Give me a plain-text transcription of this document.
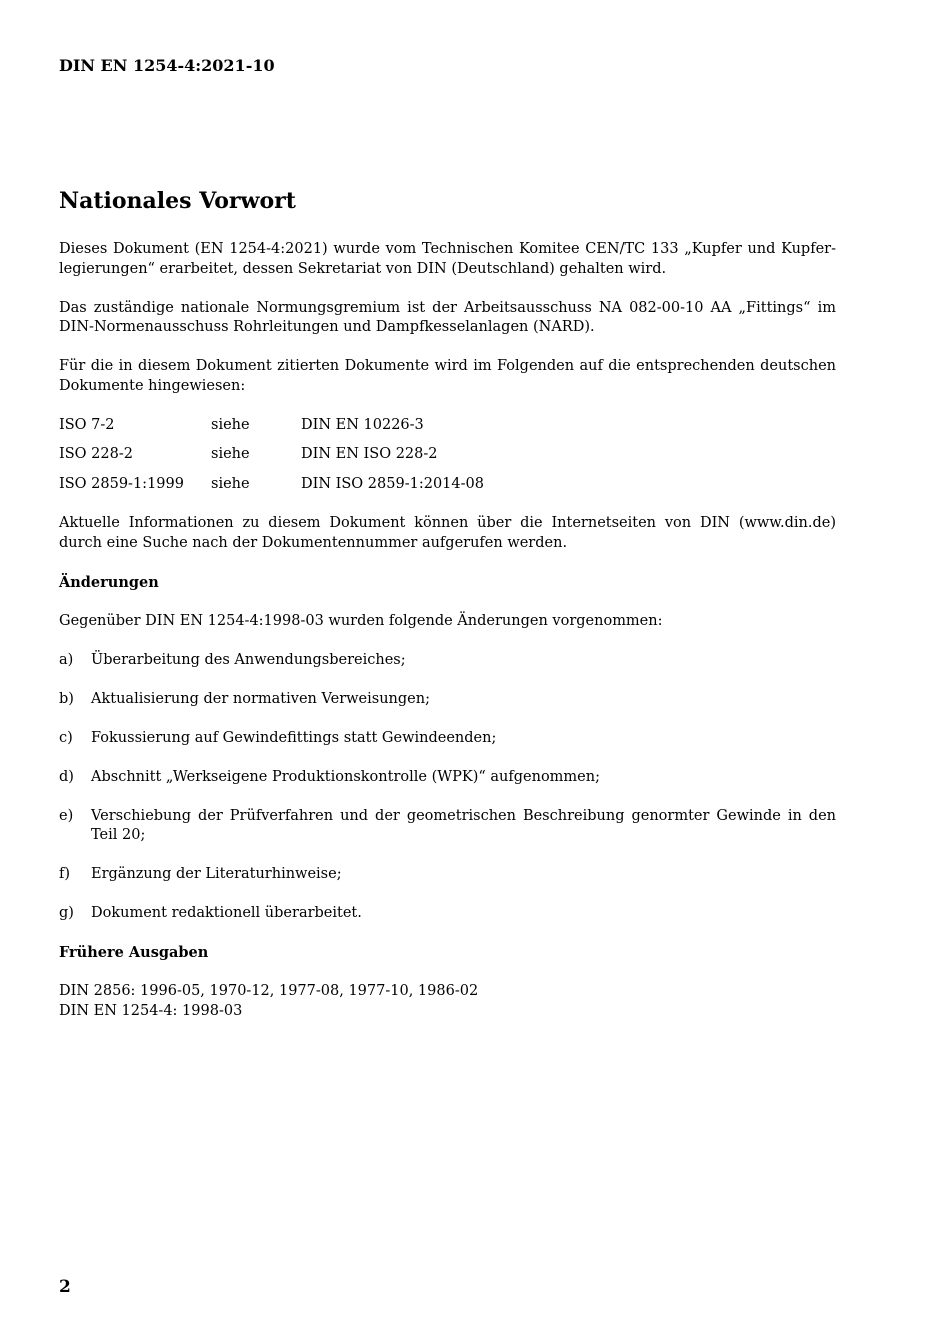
DIN EN 1254-4:2021-10
Nationales Vorwort

Dieses Dokument (EN 1254-4:2021) wurde vom Technischen Komitee CEN/TC 133 „Kupfer und Kupfer-legierungen“ erarbeitet, dessen Sekretariat von DIN (Deutschland) gehalten wird.

Das zuständige nationale Normungsgremium ist der Arbeitsausschuss NA 082-00-10 AA „Fittings“ im DIN-Normenausschuss Rohrleitungen und Dampfkesselanlagen (NARD).

Für die in diesem Dokument zitierten Dokumente wird im Folgenden auf die entsprechenden deutschen Dokumente hingewiesen:

ISO 7-2	siehe	DIN EN 10226-3
ISO 228-2	siehe	DIN EN ISO 228-2
ISO 2859-1:1999	siehe	DIN ISO 2859-1:2014-08

Aktuelle Informationen zu diesem Dokument können über die Internetseiten von DIN (www.din.de) durch eine Suche nach der Dokumentennummer aufgerufen werden.

Änderungen

Gegenüber DIN EN 1254-4:1998-03 wurden folgende Änderungen vorgenommen:

a)	Überarbeitung des Anwendungsbereiches;
b)	Aktualisierung der normativen Verweisungen;
c)	Fokussierung auf Gewindefittings statt Gewindeenden;
d)	Abschnitt „Werkseigene Produktionskontrolle (WPK)“ aufgenommen;
e)	Verschiebung der Prüfverfahren und der geometrischen Beschreibung genormter Gewinde in den Teil 20;
f)	Ergänzung der Literaturhinweise;
g)	Dokument redaktionell überarbeitet.
Frühere Ausgaben
DIN 2856: 1996-05, 1970-12, 1977-08, 1977-10, 1986-02
DIN EN 1254-4: 1998-03
2
